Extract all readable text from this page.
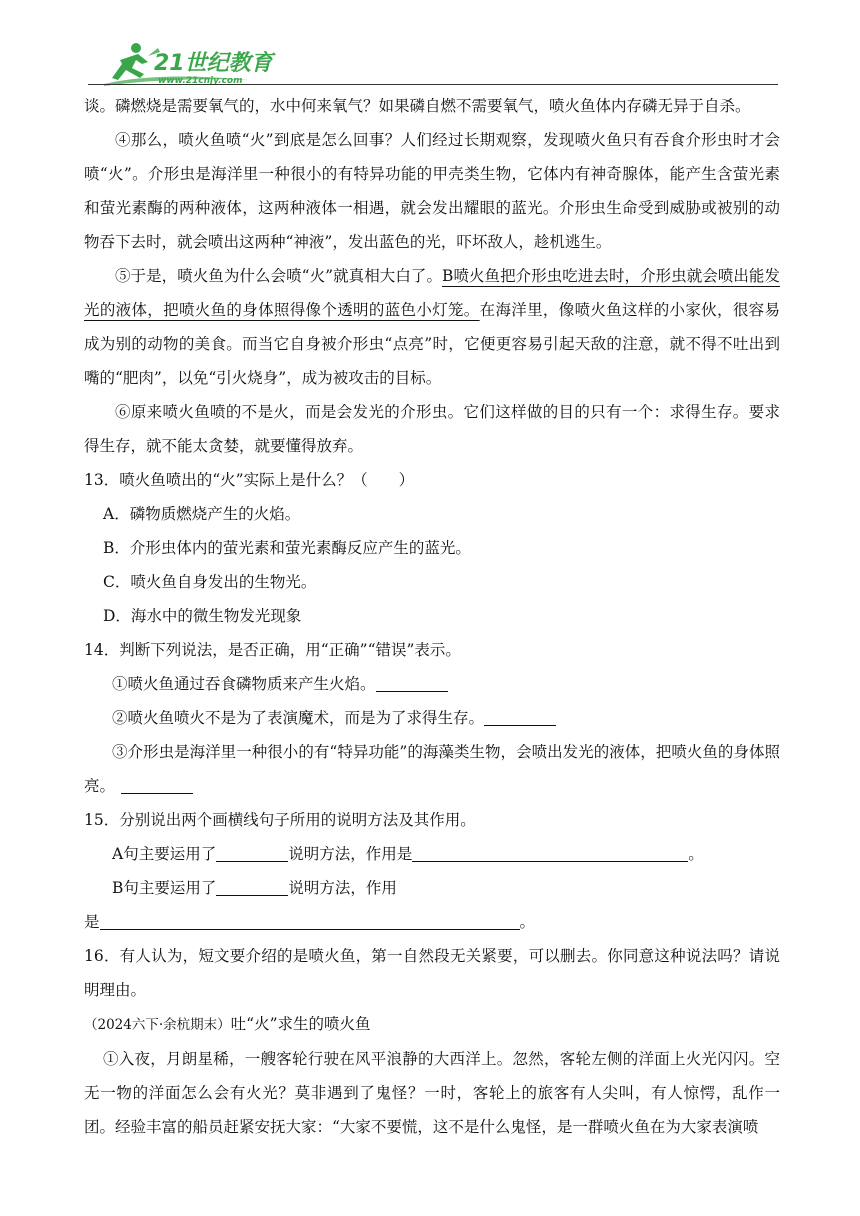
21世纪教育
www.21cnjy.com

谈。磷燃烧是需要氧气的，水中何来氧气？如果磷自燃不需要氧气，喷火鱼体内存磷无异于自杀。

④那么，喷火鱼喷“火”到底是怎么回事？人们经过长期观察，发现喷火鱼只有吞食介形虫时才会喷“火”。介形虫是海洋里一种很小的有特异功能的甲壳类生物，它体内有神奇腺体，能产生含萤光素和萤光素酶的两种液体，这两种液体一相遇，就会发出耀眼的蓝光。介形虫生命受到威胁或被别的动物吞下去时，就会喷出这两种“神液”，发出蓝色的光，吓坏敌人，趁机逃生。

⑤于是，喷火鱼为什么会喷“火”就真相大白了。B喷火鱼把介形虫吃进去时，介形虫就会喷出能发光的液体，把喷火鱼的身体照得像个透明的蓝色小灯笼。在海洋里，像喷火鱼这样的小家伙，很容易成为别的动物的美食。而当它自身被介形虫“点亮”时，它便更容易引起天敌的注意，就不得不吐出到嘴的“肥肉”，以免“引火烧身”，成为被攻击的目标。

⑥原来喷火鱼喷的不是火，而是会发光的介形虫。它们这样做的目的只有一个：求得生存。要求得生存，就不能太贪婪，就要懂得放弃。

13．喷火鱼喷出的“火”实际上是什么？（　　）

A．磷物质燃烧产生的火焰。

B．介形虫体内的萤光素和萤光素酶反应产生的蓝光。

C．喷火鱼自身发出的生物光。

D．海水中的微生物发光现象

14．判断下列说法，是否正确，用“正确”“错误”表示。

①喷火鱼通过吞食磷物质来产生火焰。

②喷火鱼喷火不是为了表演魔术，而是为了求得生存。

③介形虫是海洋里一种很小的有“特异功能”的海藻类生物，会喷出发光的液体，把喷火鱼的身体照亮。

15．分别说出两个画横线句子所用的说明方法及其作用。

A句主要运用了	说明方法，作用是	。

B句主要运用了	说明方法，作用

是	。

16．有人认为，短文要介绍的是喷火鱼，第一自然段无关紧要，可以删去。你同意这种说法吗？请说明理由。

（2024六下·余杭期末）吐“火”求生的喷火鱼

①入夜，月朗星稀，一艘客轮行驶在风平浪静的大西洋上。忽然，客轮左侧的洋面上火光闪闪。空无一物的洋面怎么会有火光？莫非遇到了鬼怪？一时，客轮上的旅客有人尖叫，有人惊愕，乱作一团。经验丰富的船员赶紧安抚大家：“大家不要慌，这不是什么鬼怪，是一群喷火鱼在为大家表演喷
